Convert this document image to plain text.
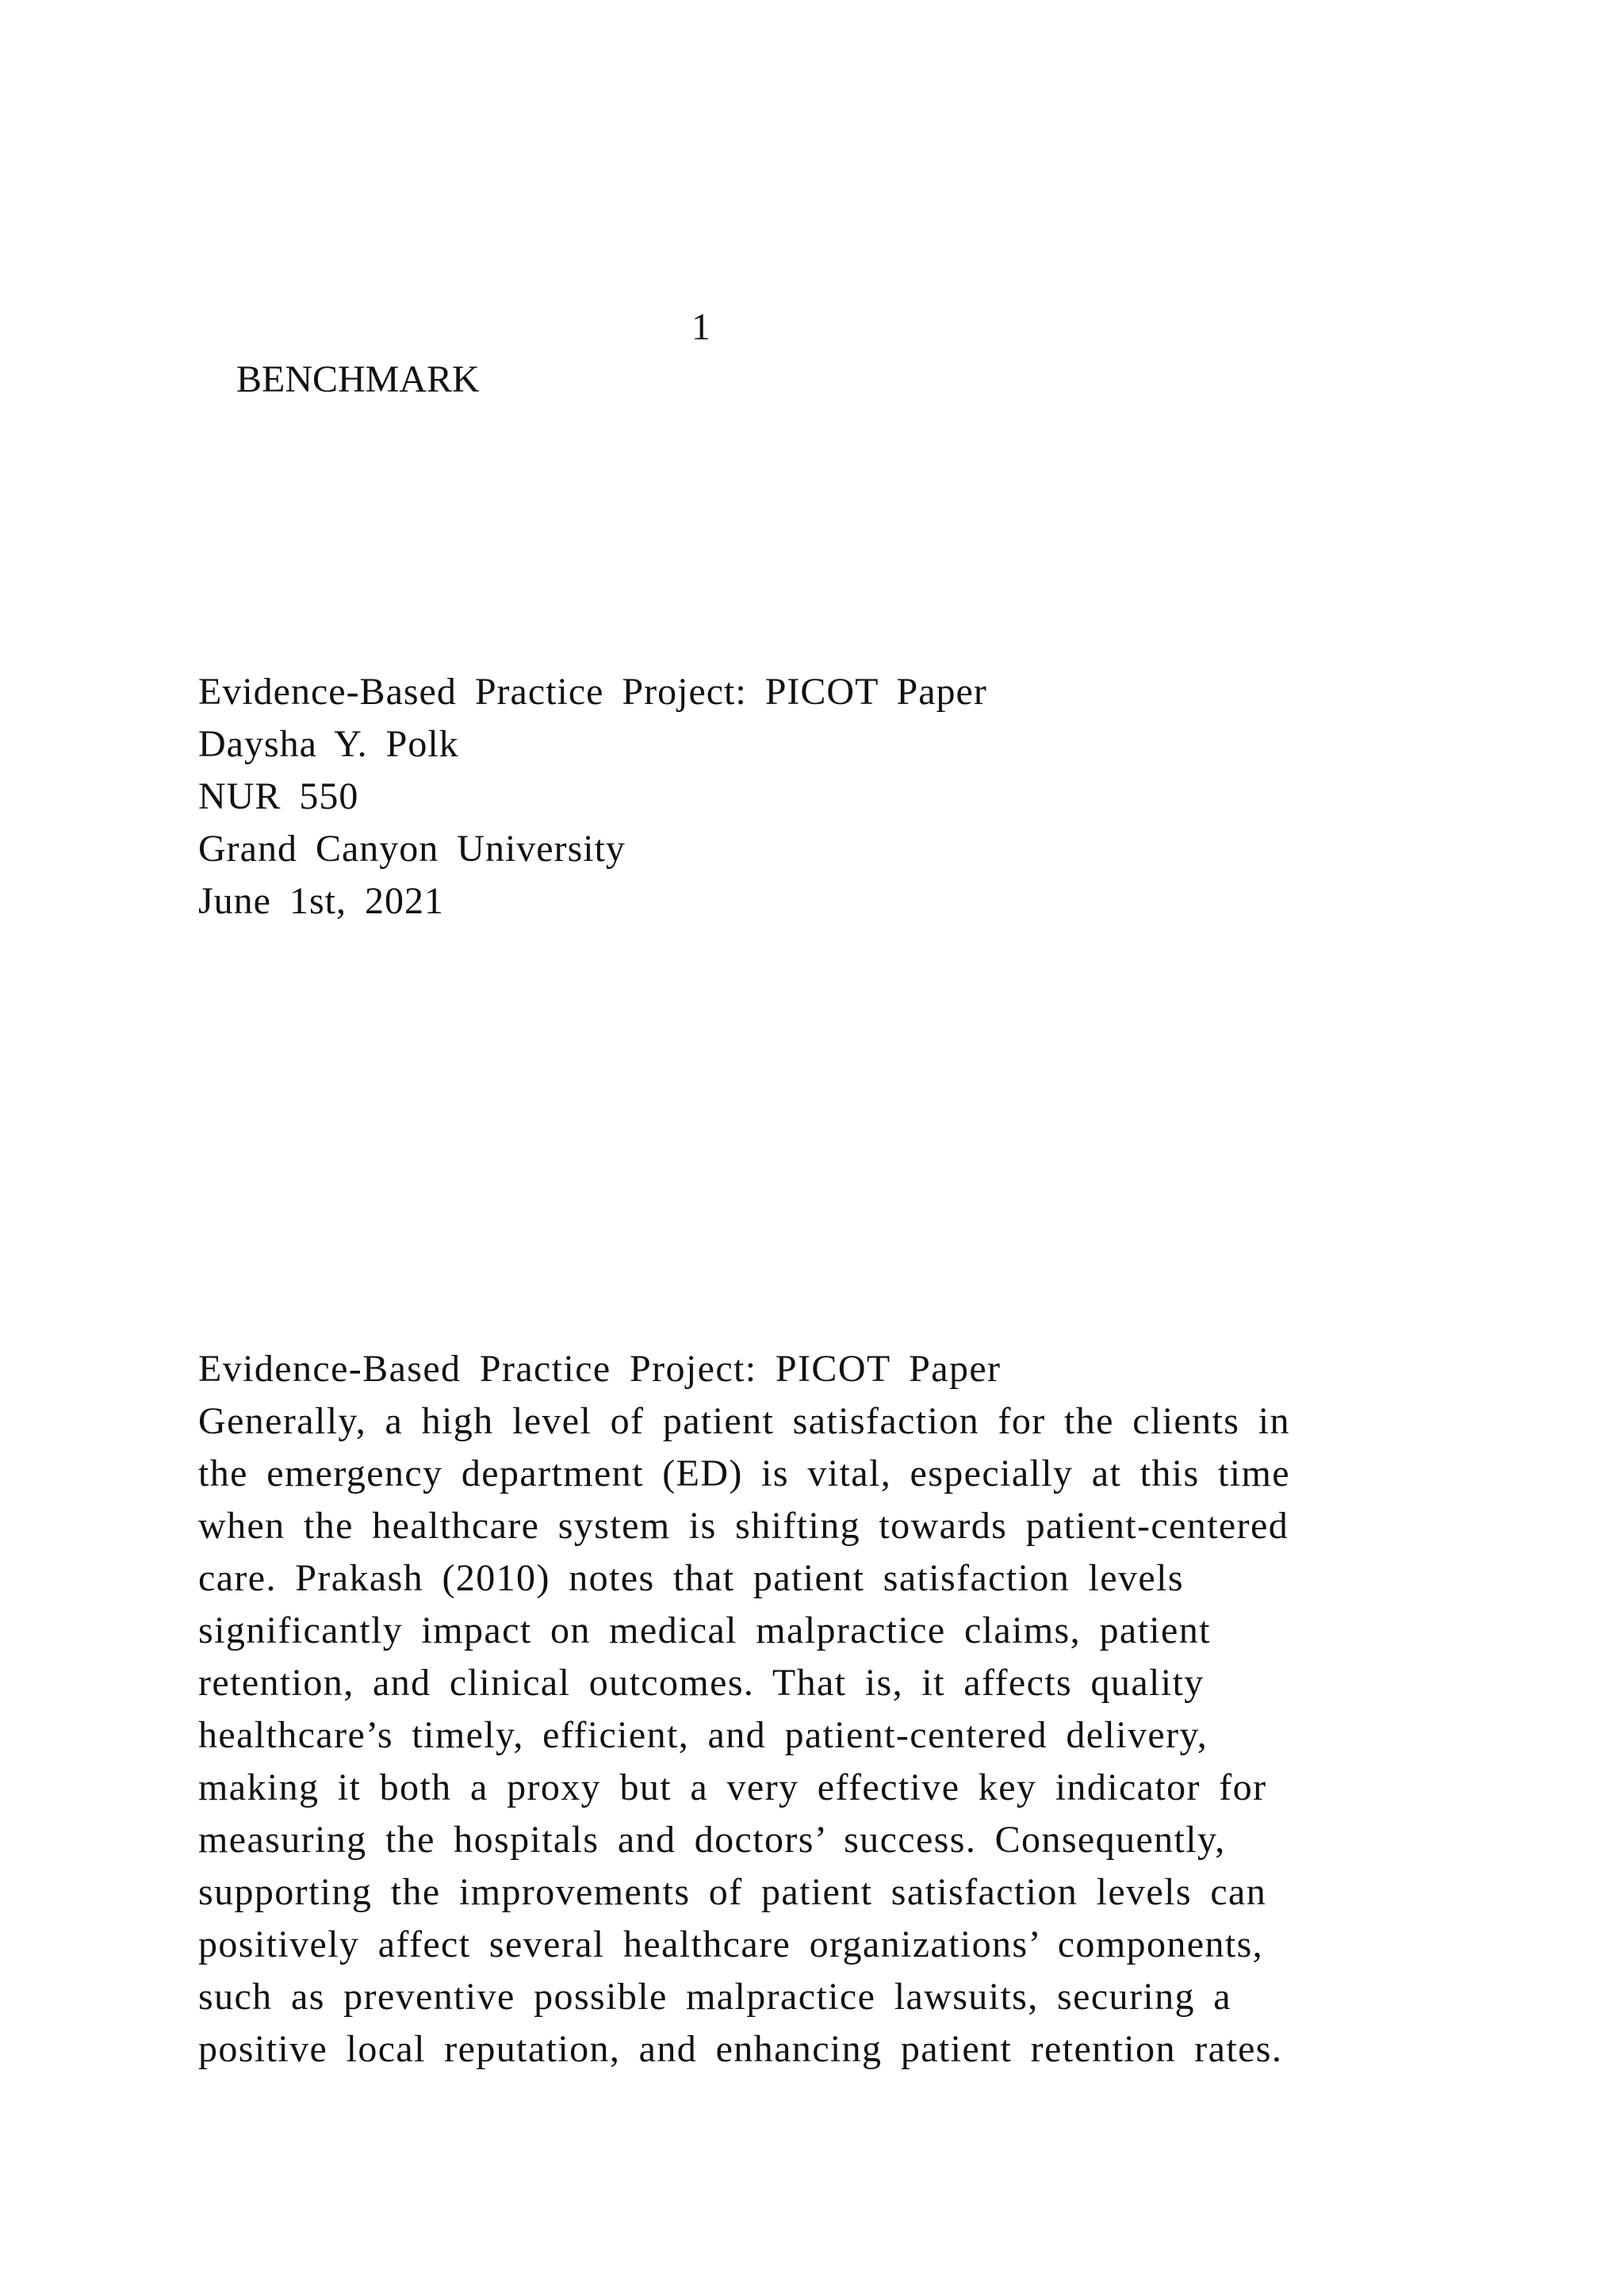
BENCHMARK

1

Evidence-Based Practice Project: PICOT Paper
Daysha Y. Polk
NUR 550
Grand Canyon University
June 1st, 2021
Evidence-Based Practice Project: PICOT Paper
Generally, a high level of patient satisfaction for the clients in
the emergency department (ED) is vital, especially at this time
when the healthcare system is shifting towards patient-centered
care. Prakash (2010) notes that patient satisfaction levels
significantly impact on medical malpractice claims, patient
retention, and clinical outcomes. That is, it affects quality
healthcare’s timely, efficient, and patient-centered delivery,
making it both a proxy but a very effective key indicator for
measuring the hospitals and doctors’ success. Consequently,
supporting the improvements of patient satisfaction levels can
positively affect several healthcare organizations’ components,
such as preventive possible malpractice lawsuits, securing a
positive local reputation, and enhancing patient retention rates.
